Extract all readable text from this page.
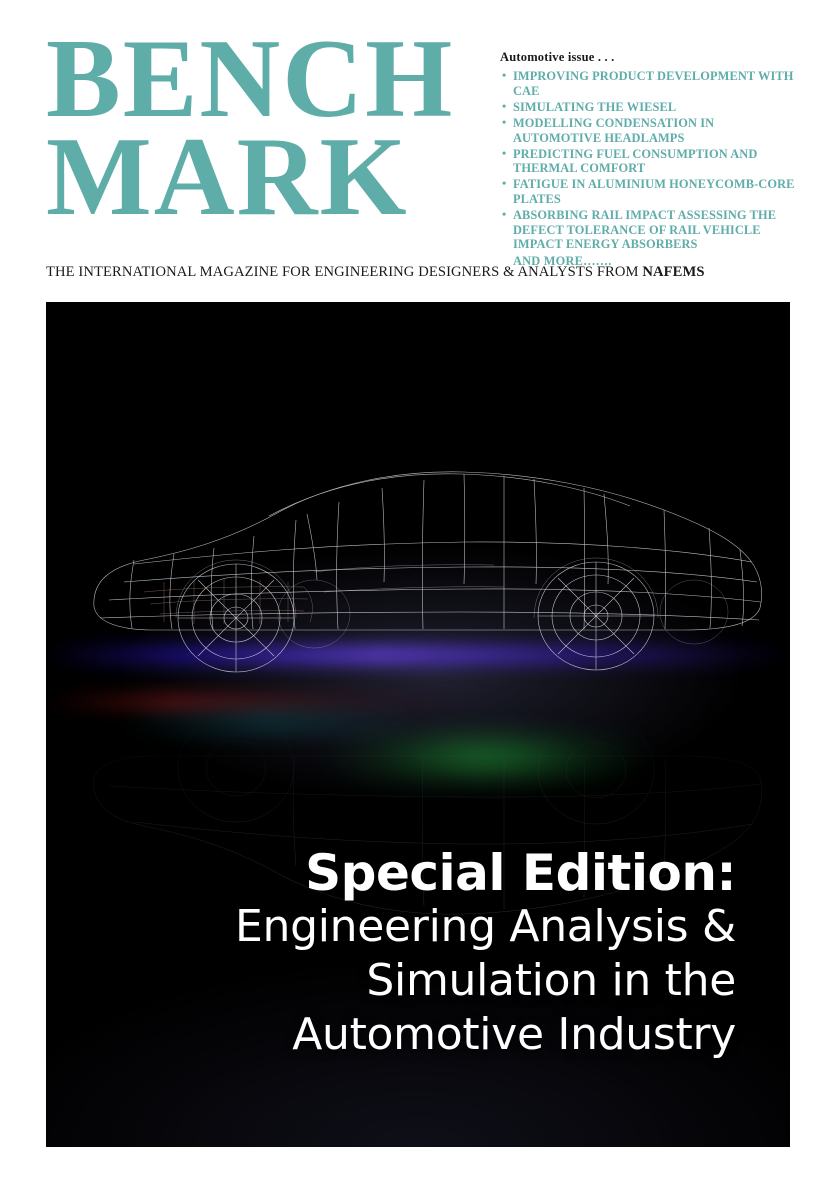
BENCH
MARK
Automotive issue . . .
• IMPROVING PRODUCT DEVELOPMENT WITH CAE
• SIMULATING THE WIESEL
• MODELLING CONDENSATION IN AUTOMOTIVE HEADLAMPS
• PREDICTING FUEL CONSUMPTION AND THERMAL COMFORT
• FATIGUE IN ALUMINIUM HONEYCOMB-CORE PLATES
• ABSORBING RAIL IMPACT ASSESSING THE DEFECT TOLERANCE OF RAIL VEHICLE IMPACT ENERGY ABSORBERS
AND MORE…….
THE INTERNATIONAL MAGAZINE FOR ENGINEERING DESIGNERS & ANALYSTS FROM NAFEMS
Special Edition:
Engineering Analysis &
Simulation in the
Automotive Industry
